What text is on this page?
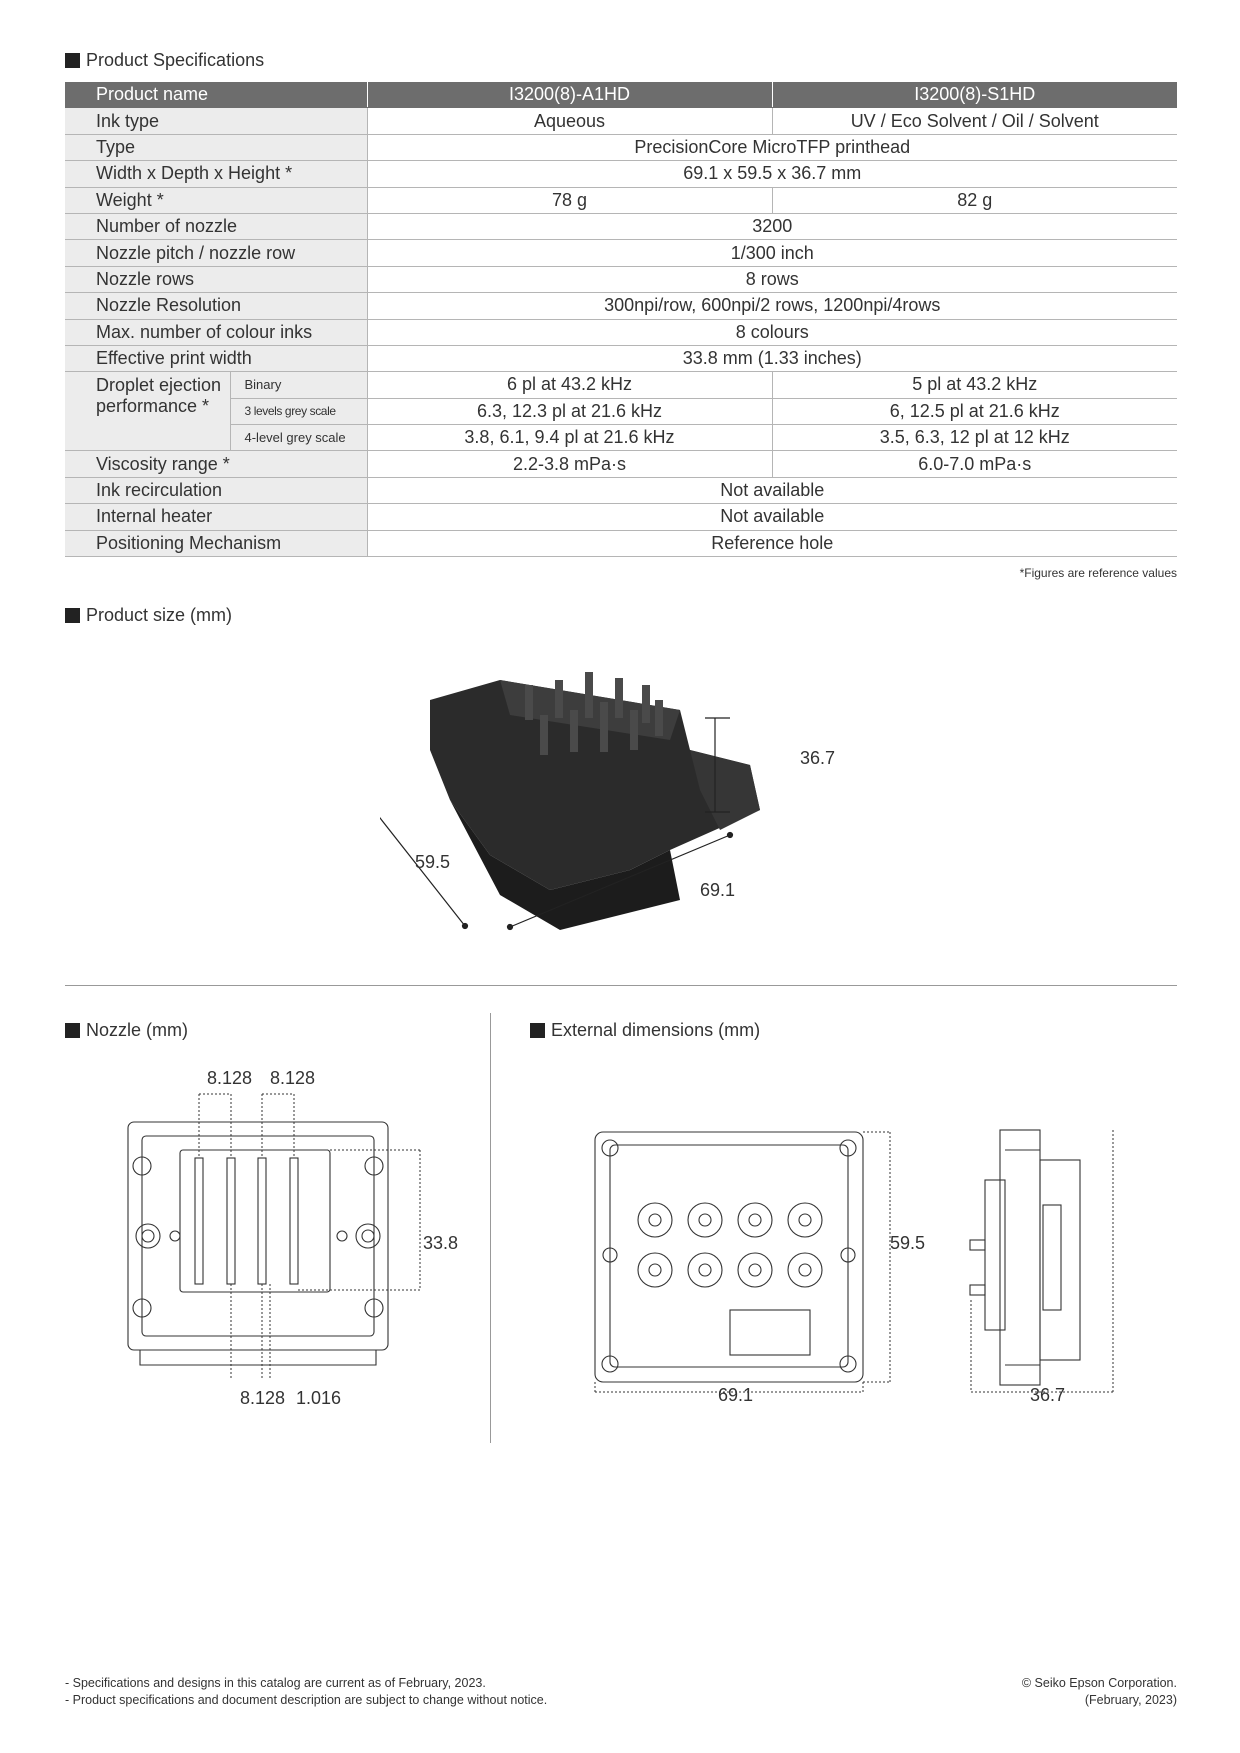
Product Specifications
Product name		I3200(8)-A1HD	I3200(8)-S1HD
Ink type		Aqueous	UV / Eco Solvent / Oil / Solvent
Type		PrecisionCore MicroTFP printhead	
Width x Depth x Height *		69.1 x 59.5 x 36.7 mm	
Weight *		78 g	82 g
Number of nozzle		3200	
Nozzle pitch / nozzle row		1/300 inch	
Nozzle rows		8 rows	
Nozzle Resolution		300npi/row, 600npi/2 rows, 1200npi/4rows	
Max. number of colour inks		8 colours	
Effective print width		33.8 mm (1.33 inches)	

Droplet ejection
performance *	Binary	6 pl at 43.2 kHz	5 pl at 43.2 kHz
	3 levels grey scale	6.3, 12.3 pl at 21.6 kHz	6, 12.5 pl at 21.6 kHz
	4-level grey scale	3.8, 6.1, 9.4 pl at 21.6 kHz	3.5, 6.3, 12 pl at 12 kHz
Viscosity range *		2.2-3.8 mPa·s	6.0-7.0 mPa·s
Ink recirculation		Not available	
Internal heater		Not available	
Positioning Mechanism		Reference hole	
*Figures are reference values
Product size (mm)
36.7
59.5
69.1
Nozzle (mm)
8.128 8.128
33.8
8.128 1.016
External dimensions (mm)
59.5
69.1	36.7
- Specifications and designs in this catalog are current as of February, 2023.
- Product specifications and document description are subject to change without notice.
© Seiko Epson Corporation.
(February, 2023)
